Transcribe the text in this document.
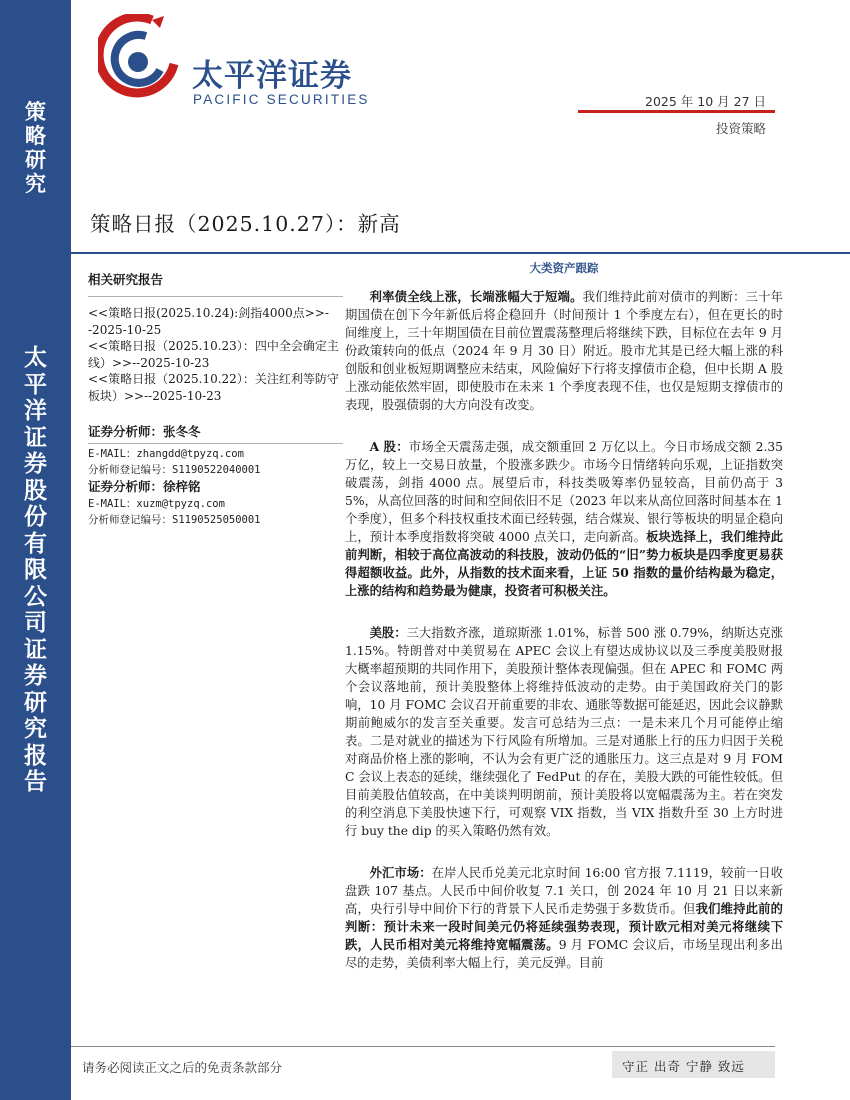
策
略
研
究
太
平
洋
证
券
股
份
有
限
公
司
证
券
研
究
报
告
太平洋证券
PACIFIC SECURITIES	2025 年 10 月 27 日
投资策略
策略日报（2025.10.27）：新高

相关研究报告

<<策略日报(2025.10.24):剑指4000点>>--2025-10-25

<<策略日报（2025.10.23）：四中全会确定主线）>>--2025-10-23

<<策略日报（2025.10.22）：关注红利等防守板块）>>--2025-10-23

证券分析师：张冬冬

E-MAIL：zhangdd@tpyzq.com

分析师登记编号：S1190522040001

证券分析师：徐梓铭

E-MAIL：xuzm@tpyzq.com

分析师登记编号：S1190525050001

大类资产跟踪

利率债全线上涨，长端涨幅大于短端。我们维持此前对债市的判断：三十年期国债在创下今年新低后将企稳回升（时间预计 1 个季度左右），但在更长的时间维度上，三十年期国债在目前位置震荡整理后将继续下跌，目标位在去年 9 月份政策转向的低点（2024 年 9 月 30 日）附近。股市尤其是已经大幅上涨的科创版和创业板短期调整应未结束，风险偏好下行将支撑债市企稳，但中长期 A 股上涨动能依然牢固，即使股市在未来 1 个季度表现不佳，也仅是短期支撑债市的表现，股强债弱的大方向没有改变。

A 股：市场全天震荡走强，成交额重回 2 万亿以上。今日市场成交额 2.35 万亿，较上一交易日放量，个股涨多跌少。市场今日情绪转向乐观，上证指数突破震荡，剑指 4000 点。展望后市，科技类吸筹率仍显较高，目前仍高于 35%，从高位回落的时间和空间依旧不足（2023 年以来从高位回落时间基本在 1 个季度），但多个科技权重技术面已经转强，结合煤炭、银行等板块的明显企稳向上，预计本季度指数将突破 4000 点关口，走向新高。板块选择上，我们维持此前判断，相较于高位高波动的科技股，波动仍低的“旧”势力板块是四季度更易获得超额收益。此外，从指数的技术面来看，上证 50 指数的量价结构最为稳定，上涨的结构和趋势最为健康，投资者可积极关注。

美股：三大指数齐涨，道琼斯涨 1.01%，标普 500 涨 0.79%，纳斯达克涨 1.15%。特朗普对中美贸易在 APEC 会议上有望达成协议以及三季度美股财报大概率超预期的共同作用下，美股预计整体表现偏强。但在 APEC 和 FOMC 两个会议落地前，预计美股整体上将维持低波动的走势。由于美国政府关门的影响，10 月 FOMC 会议召开前重要的非农、通胀等数据可能延迟，因此会议静默期前鲍威尔的发言至关重要。发言可总结为三点：一是未来几个月可能停止缩表。二是对就业的描述为下行风险有所增加。三是对通胀上行的压力归因于关税对商品价格上涨的影响，不认为会有更广泛的通胀压力。这三点是对 9 月 FOMC 会议上表态的延续，继续强化了 FedPut 的存在，美股大跌的可能性较低。但目前美股估值较高，在中美谈判明朗前，预计美股将以宽幅震荡为主。若在突发的利空消息下美股快速下行，可观察 VIX 指数，当 VIX 指数升至 30 上方时进行 buy the dip 的买入策略仍然有效。

外汇市场：在岸人民币兑美元北京时间 16:00 官方报 7.1119，较前一日收盘跌 107 基点。人民币中间价收复 7.1 关口，创 2024 年 10 月 21 日以来新高，央行引导中间价下行的背景下人民币走势强于多数货币。但我们维持此前的判断：预计未来一段时间美元仍将延续强势表现，预计欧元相对美元将继续下跌，人民币相对美元将维持宽幅震荡。9 月 FOMC 会议后，市场呈现出利多出尽的走势，美债利率大幅上行，美元反弹。目前

请务必阅读正文之后的免责条款部分	守正 出奇 宁静 致远
